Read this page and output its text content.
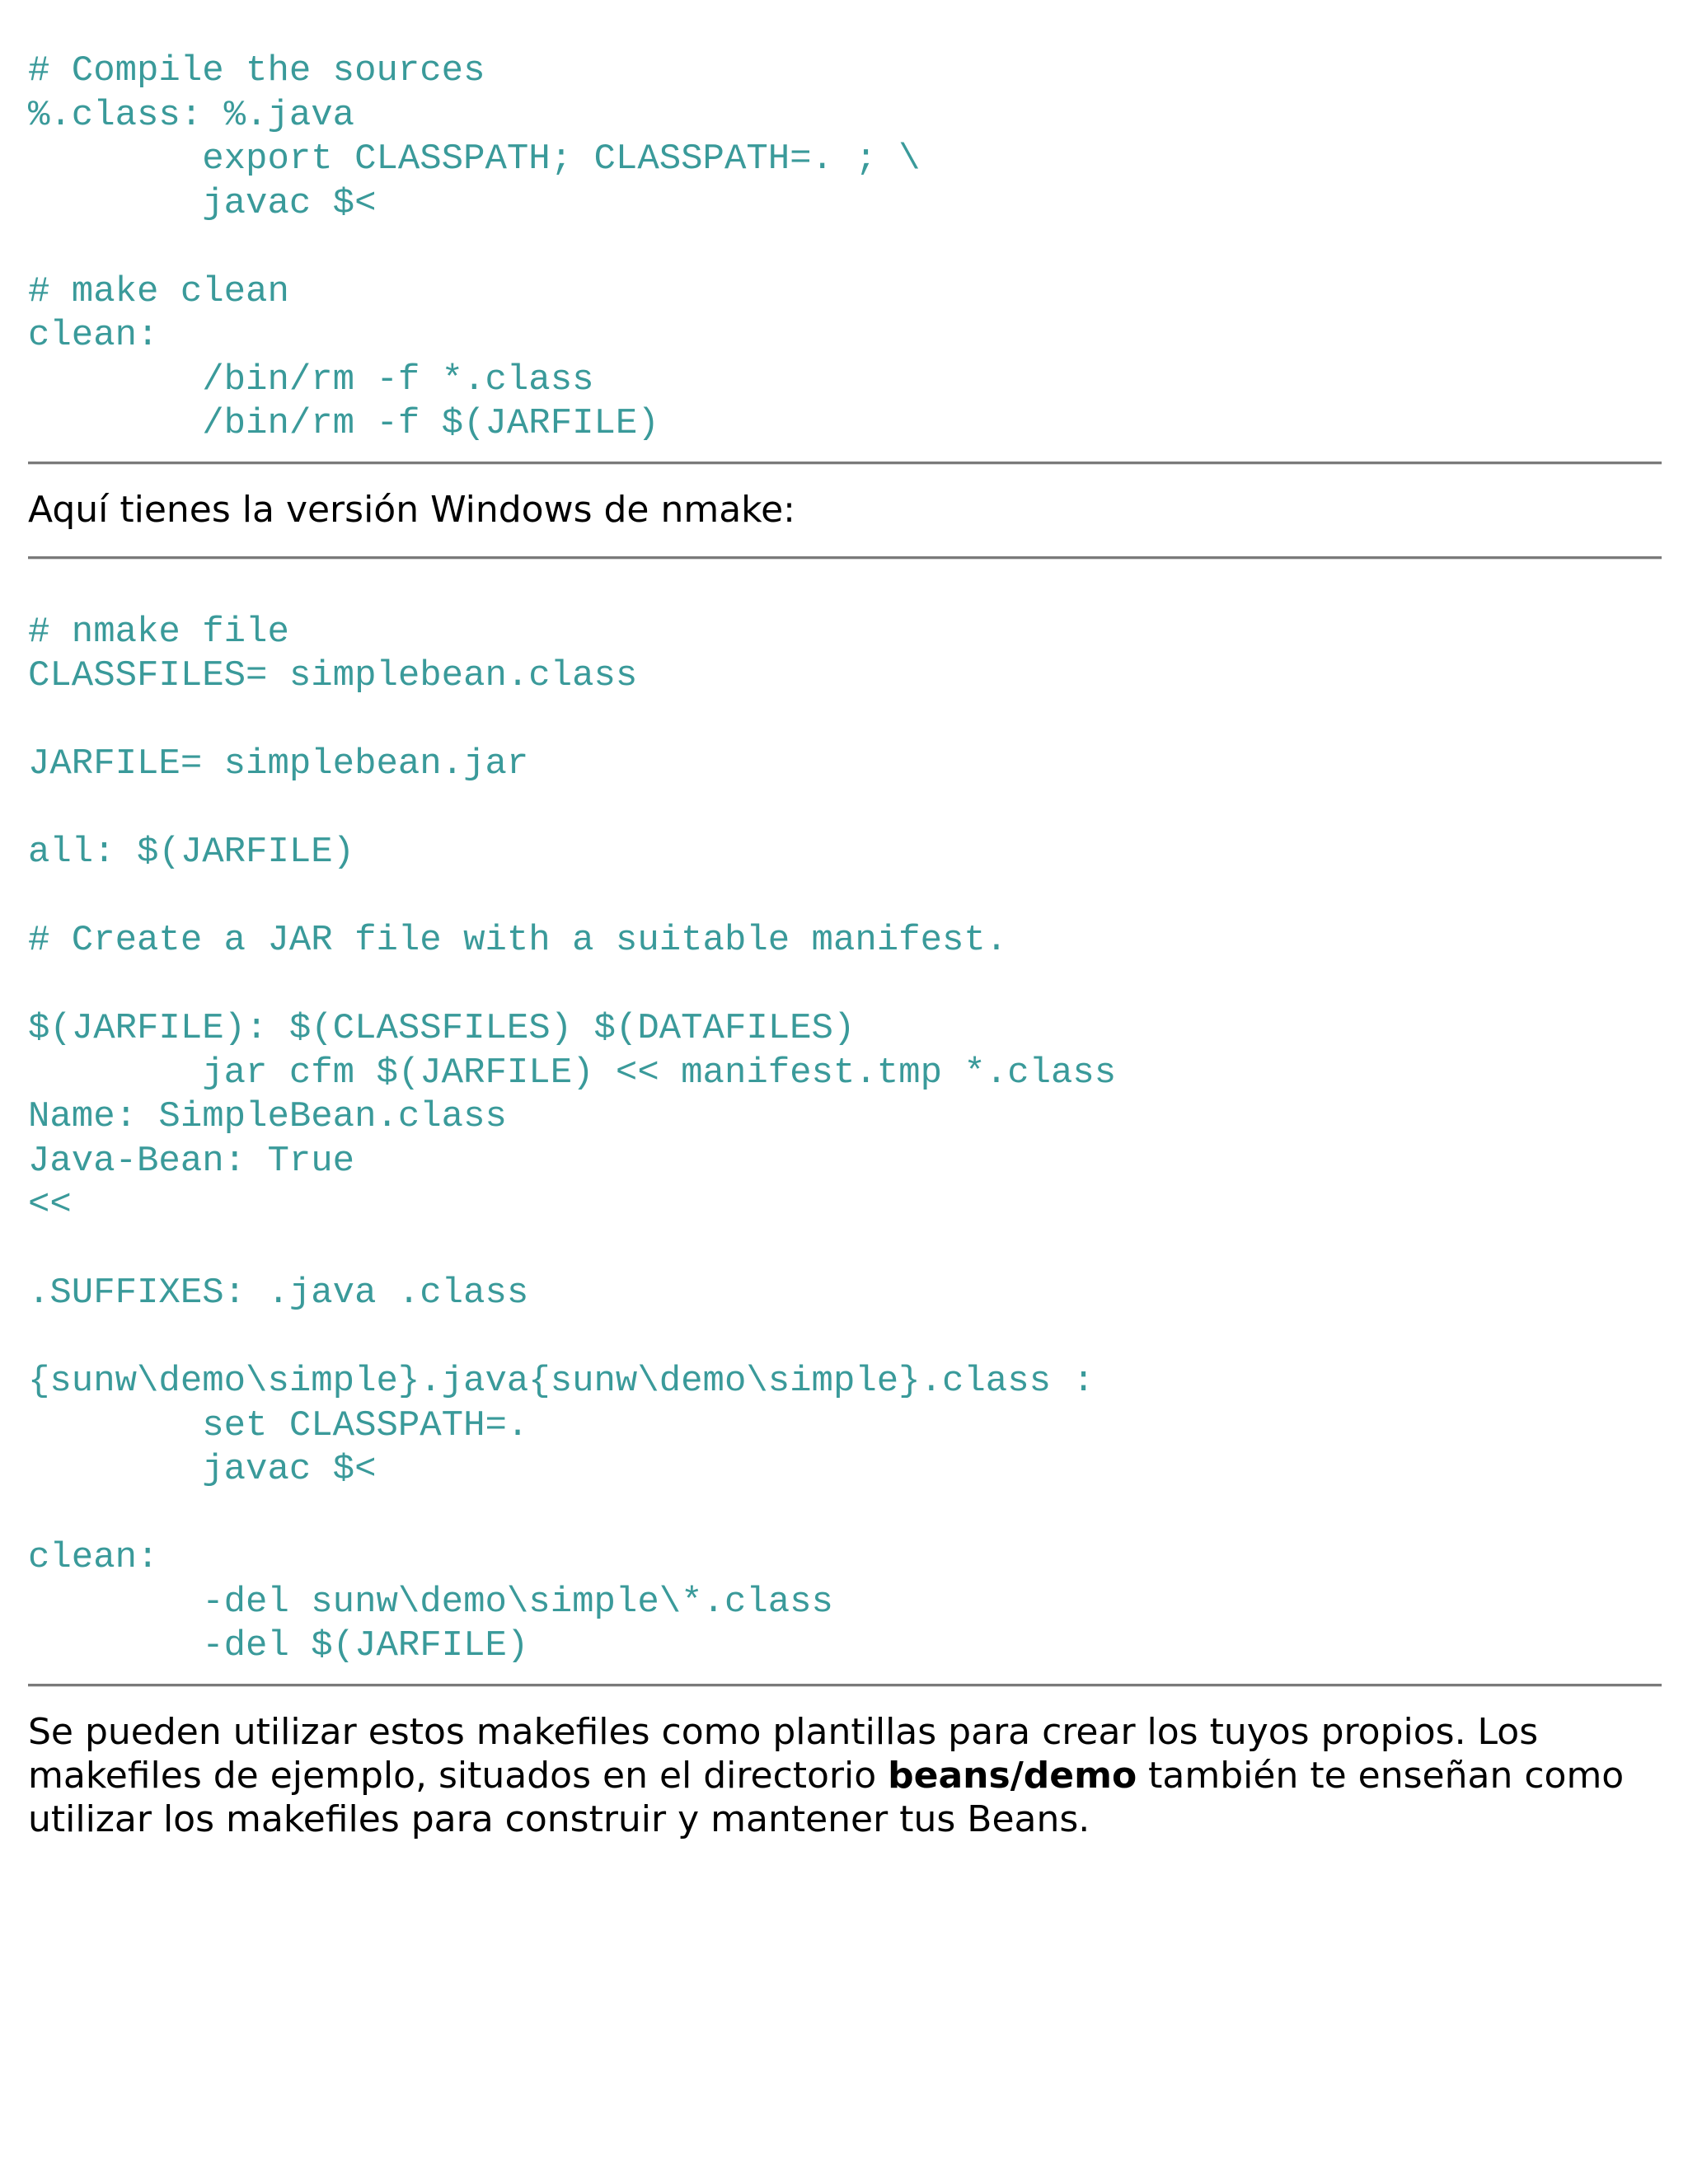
# Compile the sources
%.class: %.java
export CLASSPATH; CLASSPATH=. ; \
javac $<

# make clean
clean:
/bin/rm -f *.class
/bin/rm -f $(JARFILE)

Aquí tienes la versión Windows de nmake:

# nmake file
CLASSFILES= simplebean.class

JARFILE= simplebean.jar

all: $(JARFILE)

# Create a JAR file with a suitable manifest.

$(JARFILE): $(CLASSFILES) $(DATAFILES)
jar cfm $(JARFILE) << manifest.tmp *.class
Name: SimpleBean.class
Java-Bean: True
<<

.SUFFIXES: .java .class

{sunw\demo\simple}.java{sunw\demo\simple}.class :
set CLASSPATH=.
javac $<

clean:
-del sunw\demo\simple\*.class
-del $(JARFILE)

Se pueden utilizar estos makefiles como plantillas para crear los tuyos propios. Los makefiles de ejemplo, situados en el directorio beans/demo también te enseñan como utilizar los makefiles para construir y mantener tus Beans.
